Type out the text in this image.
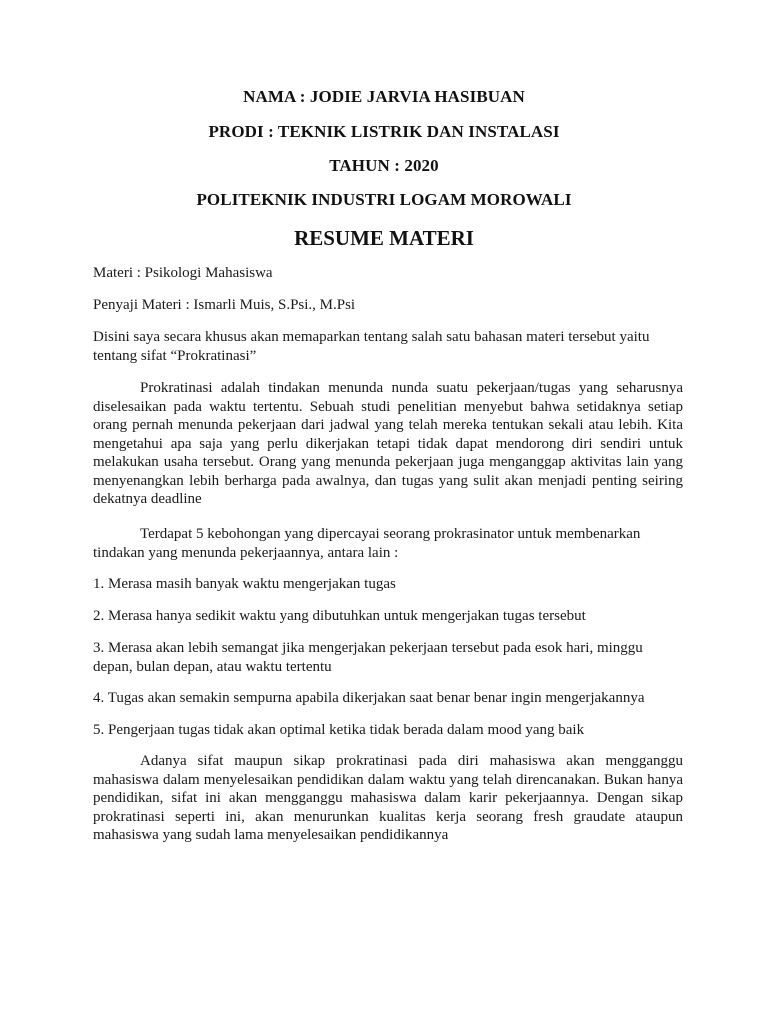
NAMA : JODIE JARVIA HASIBUAN
PRODI : TEKNIK LISTRIK DAN INSTALASI
TAHUN : 2020
POLITEKNIK INDUSTRI LOGAM MOROWALI
RESUME MATERI
Materi : Psikologi Mahasiswa
Penyaji Materi : Ismarli Muis, S.Psi., M.Psi
Disini saya secara khusus akan memaparkan tentang salah satu bahasan materi tersebut yaitu tentang sifat “Prokratinasi”
Prokratinasi adalah tindakan menunda nunda suatu pekerjaan/tugas yang seharusnya diselesaikan pada waktu tertentu. Sebuah studi penelitian menyebut bahwa setidaknya setiap orang pernah menunda pekerjaan dari jadwal yang telah mereka tentukan sekali atau lebih. Kita mengetahui apa saja yang perlu dikerjakan tetapi tidak dapat mendorong diri sendiri untuk melakukan usaha tersebut. Orang yang menunda pekerjaan juga menganggap aktivitas lain yang menyenangkan lebih berharga pada awalnya, dan tugas yang sulit akan menjadi penting seiring dekatnya deadline
Terdapat 5 kebohongan yang dipercayai seorang prokrasinator untuk membenarkan tindakan yang menunda pekerjaannya, antara lain :
1. Merasa masih banyak waktu mengerjakan tugas
2. Merasa hanya sedikit waktu yang dibutuhkan untuk mengerjakan tugas tersebut
3. Merasa akan lebih semangat jika mengerjakan pekerjaan tersebut pada esok hari, minggu depan, bulan depan, atau waktu tertentu
4. Tugas akan semakin sempurna apabila dikerjakan saat benar benar ingin mengerjakannya
5. Pengerjaan tugas tidak akan optimal ketika tidak berada dalam mood yang baik
Adanya sifat maupun sikap prokratinasi pada diri mahasiswa akan mengganggu mahasiswa dalam menyelesaikan pendidikan dalam waktu yang telah direncanakan. Bukan hanya pendidikan, sifat ini akan mengganggu mahasiswa dalam karir pekerjaannya. Dengan sikap prokratinasi seperti ini, akan menurunkan kualitas kerja seorang fresh graudate ataupun mahasiswa yang sudah lama menyelesaikan pendidikannya
